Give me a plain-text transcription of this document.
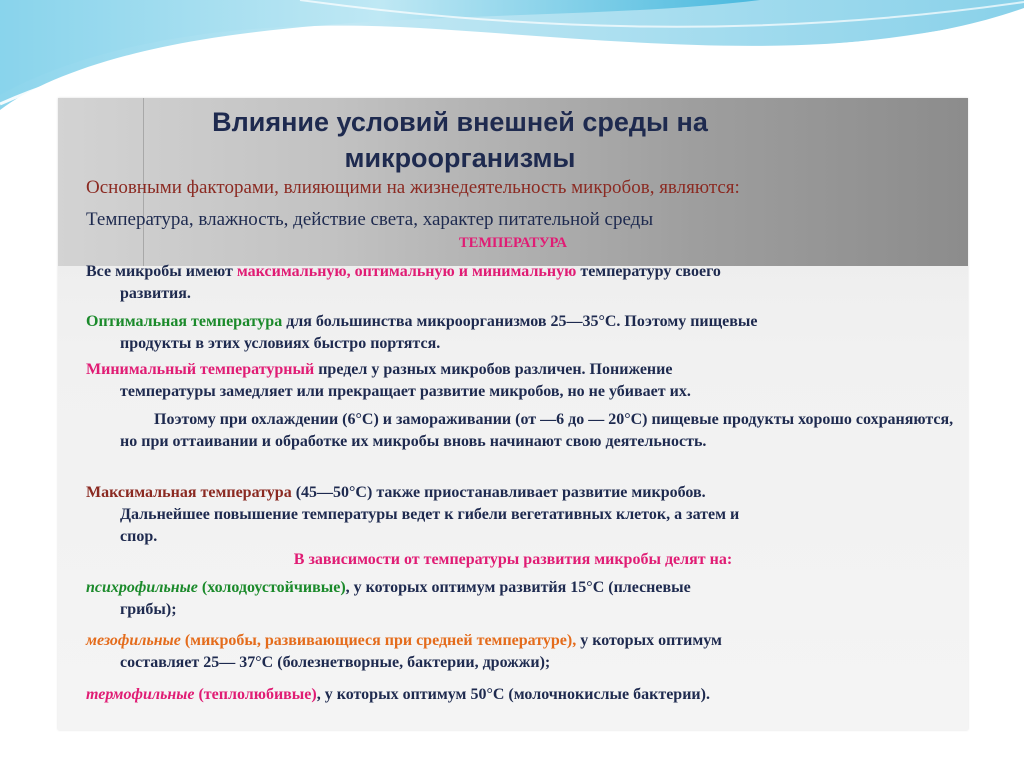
Влияние условий внешней среды на
микроорганизмы
Основными факторами, влияющими на жизнедеятельность микробов, являются:
Температура, влажность, действие света, характер питательной среды
ТЕМПЕРАТУРА
Все микробы имеют максимальную, оптимальную и минимальную температуру своего
развития.
Оптимальная температура для большинства микроорганизмов 25—35°С. Поэтому пищевые
продукты в этих условиях быстро портятся.
Минимальный температурный предел у разных микробов различен. Понижение
температуры замедляет или прекращает развитие микробов, но не убивает их.
Поэтому при охлаждении (6°С) и замораживании (от —6 до — 20°С) пищевые продукты хорошо сохраняются, но при оттаивании и обработке их микробы вновь начинают свою деятельность.
Максимальная температура (45—50°С) также приостанавливает развитие микробов.
Дальнейшее повышение температуры ведет к гибели вегетативных клеток, а затем и
спор.
В зависимости от температуры развития микробы делят на:
психрофильные (холодоустойчивые), у которых оптимум развитйя 15°С (плесневые
грибы);
мезофильные (микробы, развивающиеся при средней температуре), у которых оптимум
составляет 25— 37°С (болезнетворные, бактерии, дрожжи);
термофильные (теплолюбивые), у которых оптимум 50°С (молочнокислые бактерии).
